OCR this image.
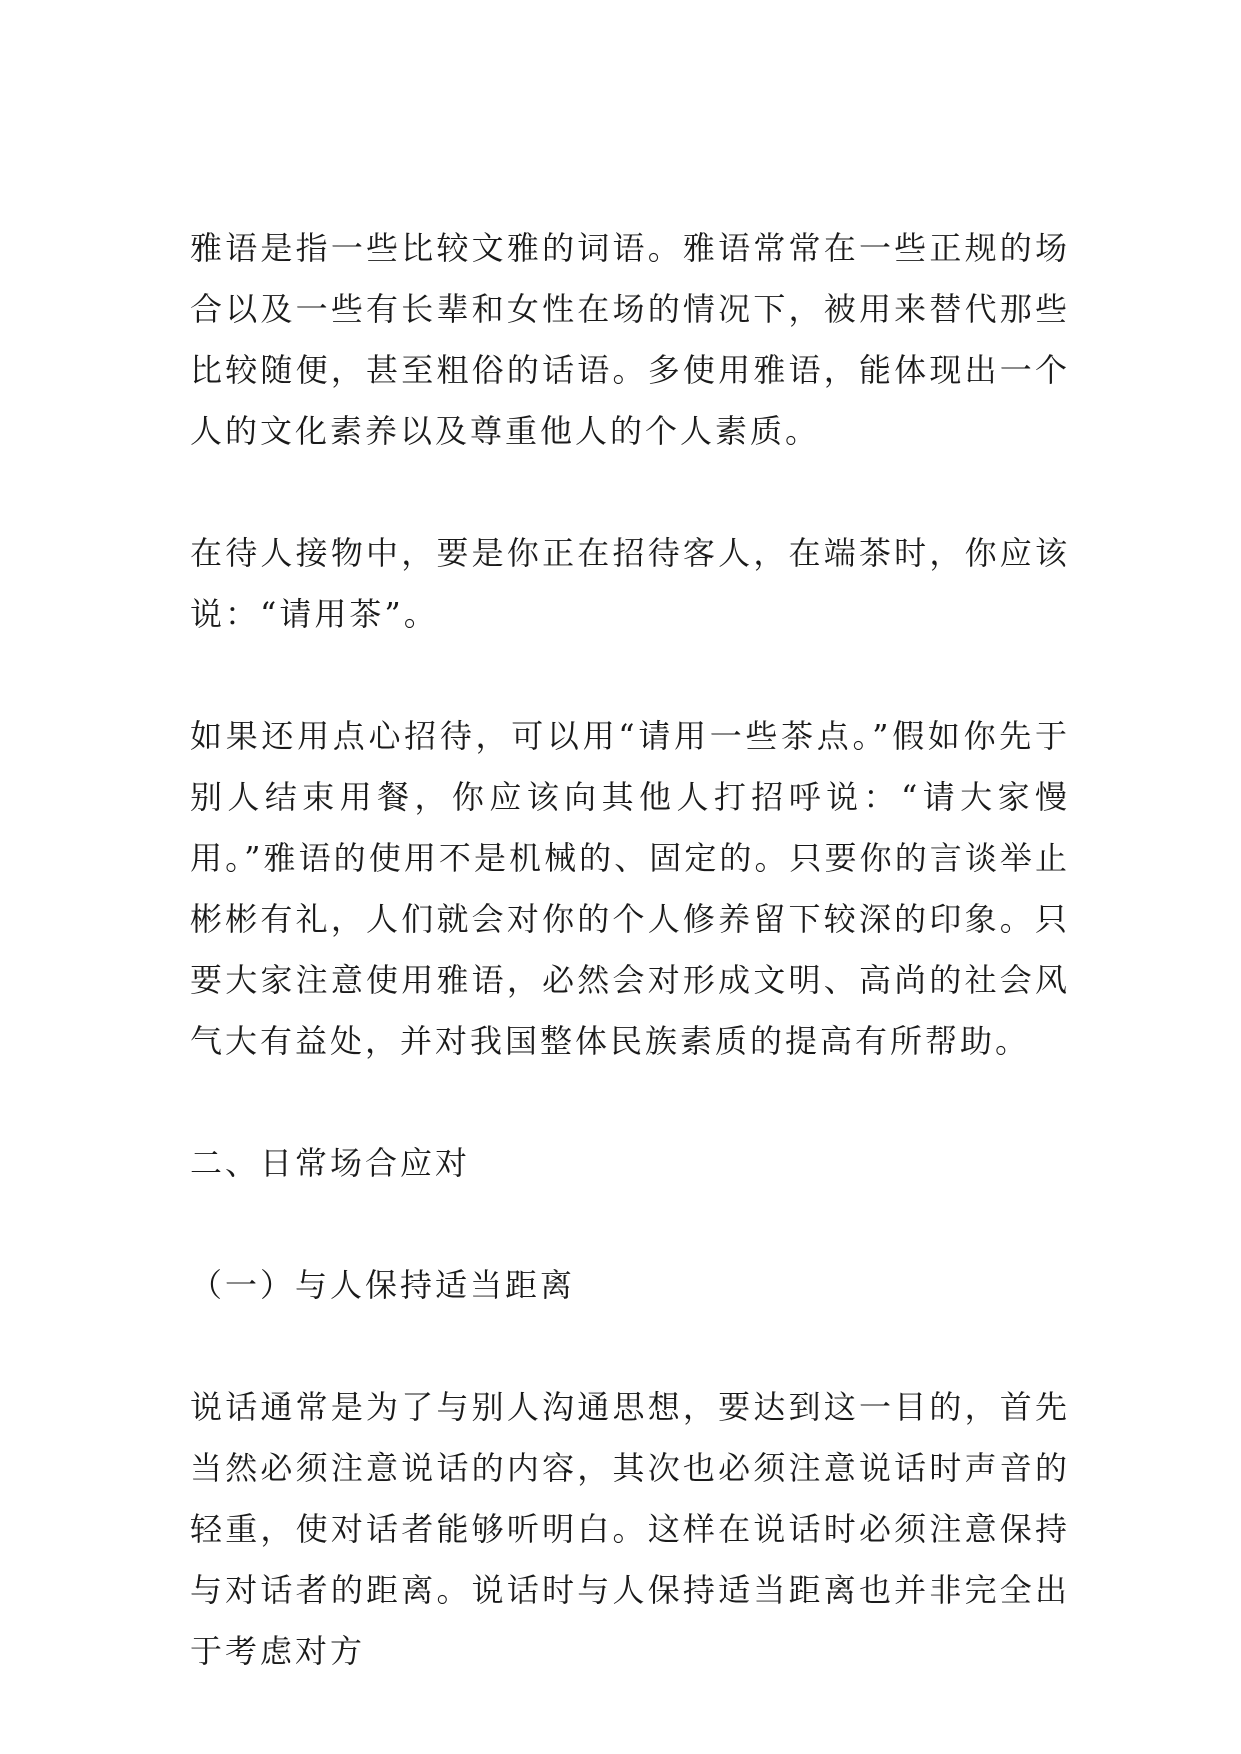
雅语是指一些比较文雅的词语。雅语常常在一些正规的场合以及一些有长辈和女性在场的情况下，被用来替代那些比较随便，甚至粗俗的话语。多使用雅语，能体现出一个人的文化素养以及尊重他人的个人素质。

在待人接物中，要是你正在招待客人，在端茶时，你应该说：“请用茶”。

如果还用点心招待，可以用“请用一些茶点。”假如你先于别人结束用餐，你应该向其他人打招呼说：“请大家慢用。”雅语的使用不是机械的、固定的。只要你的言谈举止彬彬有礼，人们就会对你的个人修养留下较深的印象。只要大家注意使用雅语，必然会对形成文明、高尚的社会风气大有益处，并对我国整体民族素质的提高有所帮助。

二、日常场合应对

（一）与人保持适当距离

说话通常是为了与别人沟通思想，要达到这一目的，首先当然必须注意说话的内容，其次也必须注意说话时声音的轻重，使对话者能够听明白。这样在说话时必须注意保持与对话者的距离。说话时与人保持适当距离也并非完全出于考虑对方
